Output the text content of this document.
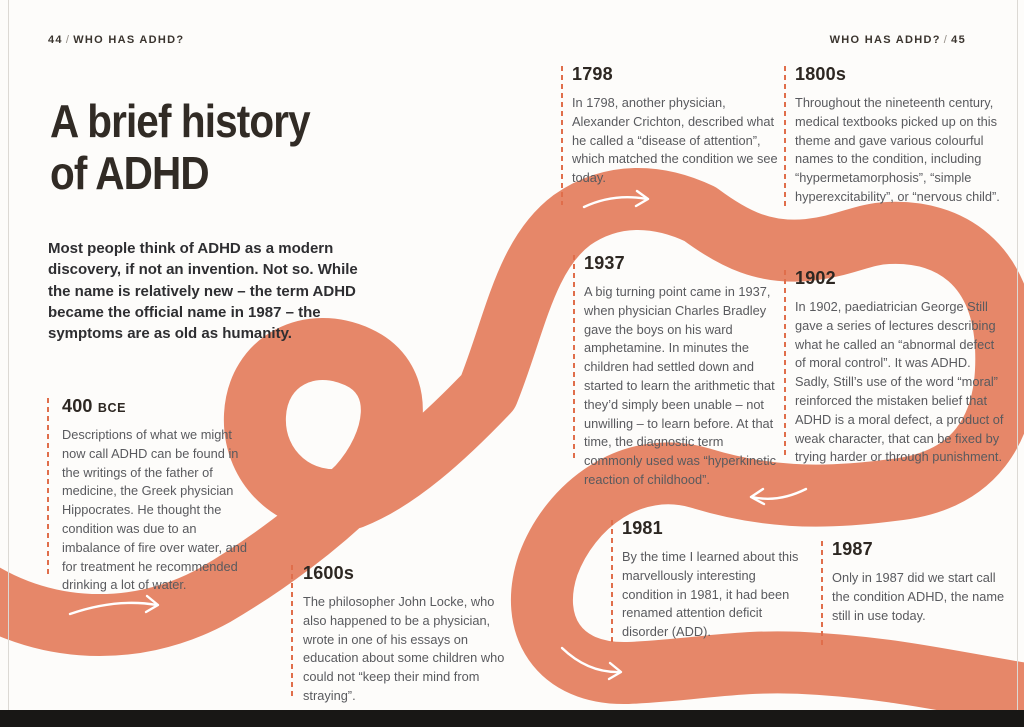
44 / WHO HAS ADHD?	WHO HAS ADHD? / 45
A brief history
of ADHD
Most people think of ADHD as a modern
discovery, if not an invention. Not so. While
the name is relatively new – the term ADHD
became the official name in 1987 – the
symptoms are as old as humanity.
400 BCE
Descriptions of what we might now call ADHD can be found in the writings of the father of medicine, the Greek physician Hippocrates. He thought the condition was due to an imbalance of fire over water, and for treatment he recommended drinking a lot of water.
1600s
The philosopher John Locke, who also happened to be a physician, wrote in one of his essays on education about some children who could not “keep their mind from straying”.
1798
In 1798, another physician, Alexander Crichton, described what he called a “disease of attention”, which matched the condition we see today.
1800s
Throughout the nineteenth century, medical textbooks picked up on this theme and gave various colourful names to the condition, including “hypermetamorphosis”, “simple hyperexcitability”, or “nervous child”.
1937
A big turning point came in 1937, when physician Charles Bradley gave the boys on his ward amphetamine. In minutes the children had settled down and started to learn the arithmetic that they’d simply been unable – not unwilling – to learn before. At that time, the diagnostic term commonly used was “hyperkinetic reaction of childhood”.
1902
In 1902, paediatrician George Still gave a series of lectures describing what he called an “abnormal defect of moral control”. It was ADHD. Sadly, Still’s use of the word “moral” reinforced the mistaken belief that ADHD is a moral defect, a product of weak character, that can be fixed by trying harder or through punishment.
1981
By the time I learned about this marvellously interesting condition in 1981, it had been renamed attention deficit disorder (ADD).
1987
Only in 1987 did we start call the condition ADHD, the name still in use today.
